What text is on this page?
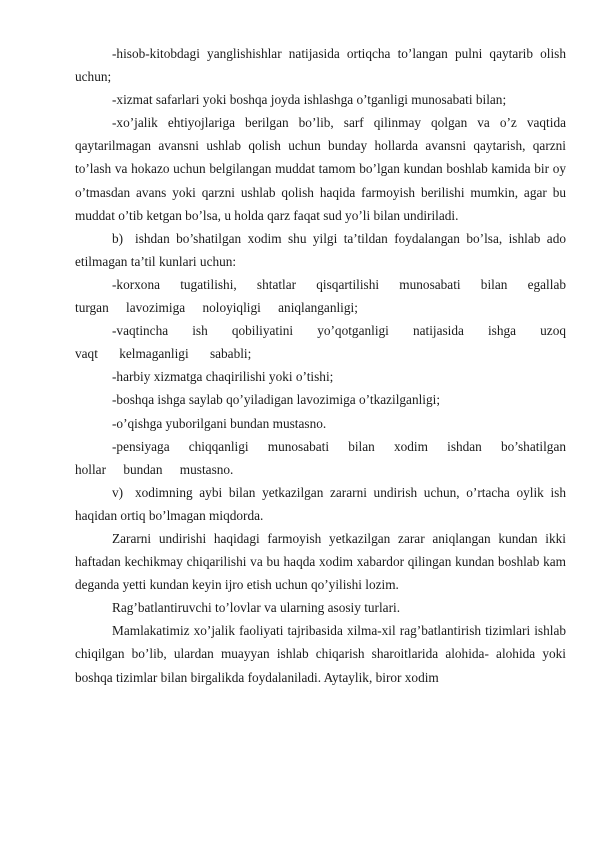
-hisob-kitobdagi yanglishishlar natijasida ortiqcha to’langan pulni qaytarib olish uchun;

-xizmat safarlari yoki boshqa joyda ishlashga o’tganligi munosabati bilan;

-xo’jalik ehtiyojlariga berilgan bo’lib, sarf qilinmay qolgan va o’z vaqtida qaytarilmagan avansni ushlab qolish uchun bunday hollarda avansni qaytarish, qarzni to’lash va hokazo uchun belgilangan muddat tamom bo’lgan kundan boshlab kamida bir oy o’tmasdan avans yoki qarzni ushlab qolish haqida farmoyish berilishi mumkin, agar bu muddat o’tib ketgan bo’lsa, u holda qarz faqat sud yo’li bilan undiriladi.

b) ishdan bo’shatilgan xodim shu yilgi ta’tildan foydalangan bo’lsa, ishlab ado etilmagan ta’til kunlari uchun:

-korxona tugatilishi, shtatlar qisqartilishi munosabati bilan egallab turgan lavozimiga noloyiqligi aniqlanganligi;

-vaqtincha ish qobiliyatini yo’qotganligi natijasida ishga uzoq vaqt kelmaganligi sababli;

-harbiy xizmatga chaqirilishi yoki o’tishi;

-boshqa ishga saylab qo’yiladigan lavozimiga o’tkazilganligi;

-o’qishga yuborilgani bundan mustasno.

-pensiyaga chiqqanligi munosabati bilan xodim ishdan bo’shatilgan hollar bundan mustasno.

v) xodimning aybi bilan yetkazilgan zararni undirish uchun, o’rtacha oylik ish haqidan ortiq bo’lmagan miqdorda.

Zararni undirishi haqidagi farmoyish yetkazilgan zarar aniqlangan kundan ikki haftadan kechikmay chiqarilishi va bu haqda xodim xabardor qilingan kundan boshlab kam deganda yetti kundan keyin ijro etish uchun qo’yilishi lozim.

Rag’batlantiruvchi to’lovlar va ularning asosiy turlari.

Mamlakatimiz xo’jalik faoliyati tajribasida xilma-xil rag’batlantirish tizimlari ishlab chiqilgan bo’lib, ulardan muayyan ishlab chiqarish sharoitlarida alohida- alohida yoki boshqa tizimlar bilan birgalikda foydalaniladi. Aytaylik, biror xodim
